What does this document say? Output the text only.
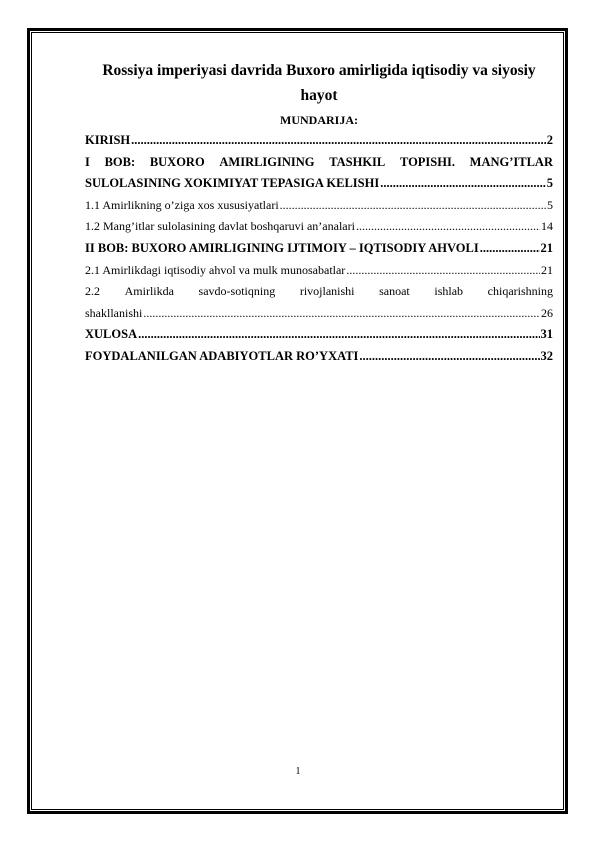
Rossiya imperiyasi davrida Buxoro amirligida iqtisodiy va siyosiy hayot
MUNDARIJA:
KIRISH .....	2
I BOB: BUXORO AMIRLIGINING TASHKIL TOPISHI. MANG’ITLAR
SULOLASINING XOKIMIYAT TEPASIGA KELISHI .....	5
1.1 Amirlikning o’ziga xos xususiyatlari .....	5
1.2 Mang’itlar sulolasining davlat boshqaruvi an’analari .....	14
II BOB: BUXORO AMIRLIGINING IJTIMOIY – IQTISODIY AHVOLI .....	21
2.1 Amirlikdagi iqtisodiy ahvol va mulk munosabatlar .....	21
2.2 Amirlikda savdo-sotiqning rivojlanishi sanoat ishlab chiqarishning
shakllanishi .....	26
XULOSA .....	31
FOYDALANILGAN ADABIYOTLAR RO’YXATI .....	32
1
